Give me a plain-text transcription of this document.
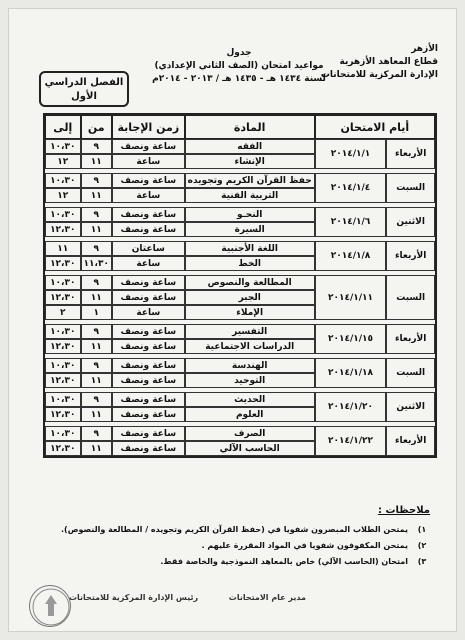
الأزهر
قطاع المعاهد الأزهرية
الإدارة المركزية للامتحانات
جدول
مواعيد امتحان (الصف الثاني الإعدادي)
لسنة ١٤٣٤ هـ - ١٤٣٥ هـ / ٢٠١٣ - ٢٠١٤م
الفصل الدراسي
الأول
أيام الامتحان		المادة	زمن الإجابة	من	إلى
الأربعاء	٢٠١٤/١/١	الفقه	ساعة ونصف	٩	١٠،٣٠
		الإنشاء	ساعة	١١	١٢

السبت	٢٠١٤/١/٤	حفظ القرآن الكريم وتجويده	ساعة ونصف	٩	١٠،٣٠
		التربية الفنية	ساعة	١١	١٢

الاثنين	٢٠١٤/١/٦	النحـو	ساعة ونصف	٩	١٠،٣٠
		السيرة	ساعة ونصف	١١	١٢،٣٠

الأربعاء	٢٠١٤/١/٨	اللغة الأجنبية	ساعتان	٩	١١
		الخط	ساعة	١١،٣٠	١٢،٣٠

السبت	٢٠١٤/١/١١	المطالعة والنصوص	ساعة ونصف	٩	١٠،٣٠
		الجبر	ساعة ونصف	١١	١٢،٣٠
		الإملاء	ساعة	١	٢

الأربعاء	٢٠١٤/١/١٥	التفسير	ساعة ونصف	٩	١٠،٣٠
		الدراسات الاجتماعية	ساعة ونصف	١١	١٢،٣٠

السبت	٢٠١٤/١/١٨	الهندسة	ساعة ونصف	٩	١٠،٣٠
		التوحيد	ساعة ونصف	١١	١٢،٣٠

الاثنين	٢٠١٤/١/٢٠	الحديث	ساعة ونصف	٩	١٠،٣٠
		العلوم	ساعة ونصف	١١	١٢،٣٠

الأربعاء	٢٠١٤/١/٢٢	الصرف	ساعة ونصف	٩	١٠،٣٠
		الحاسب الآلي	ساعة ونصف	١١	١٢،٣٠
ملاحظات :
١)
يمتحن الطلاب المبصرون شفويا في (حفظ القرآن الكريم وتجويده / المطالعة والنصوص).
٢)
يمتحن المكفوفون شفويا في المواد المقررة عليهم .
٣)
امتحان (الحاسب الآلي) خاص بالمعاهد النموذجية والخاصة فقط.
رئيس الإدارة المركزية للامتحانات	مدير عام الامتحانات
